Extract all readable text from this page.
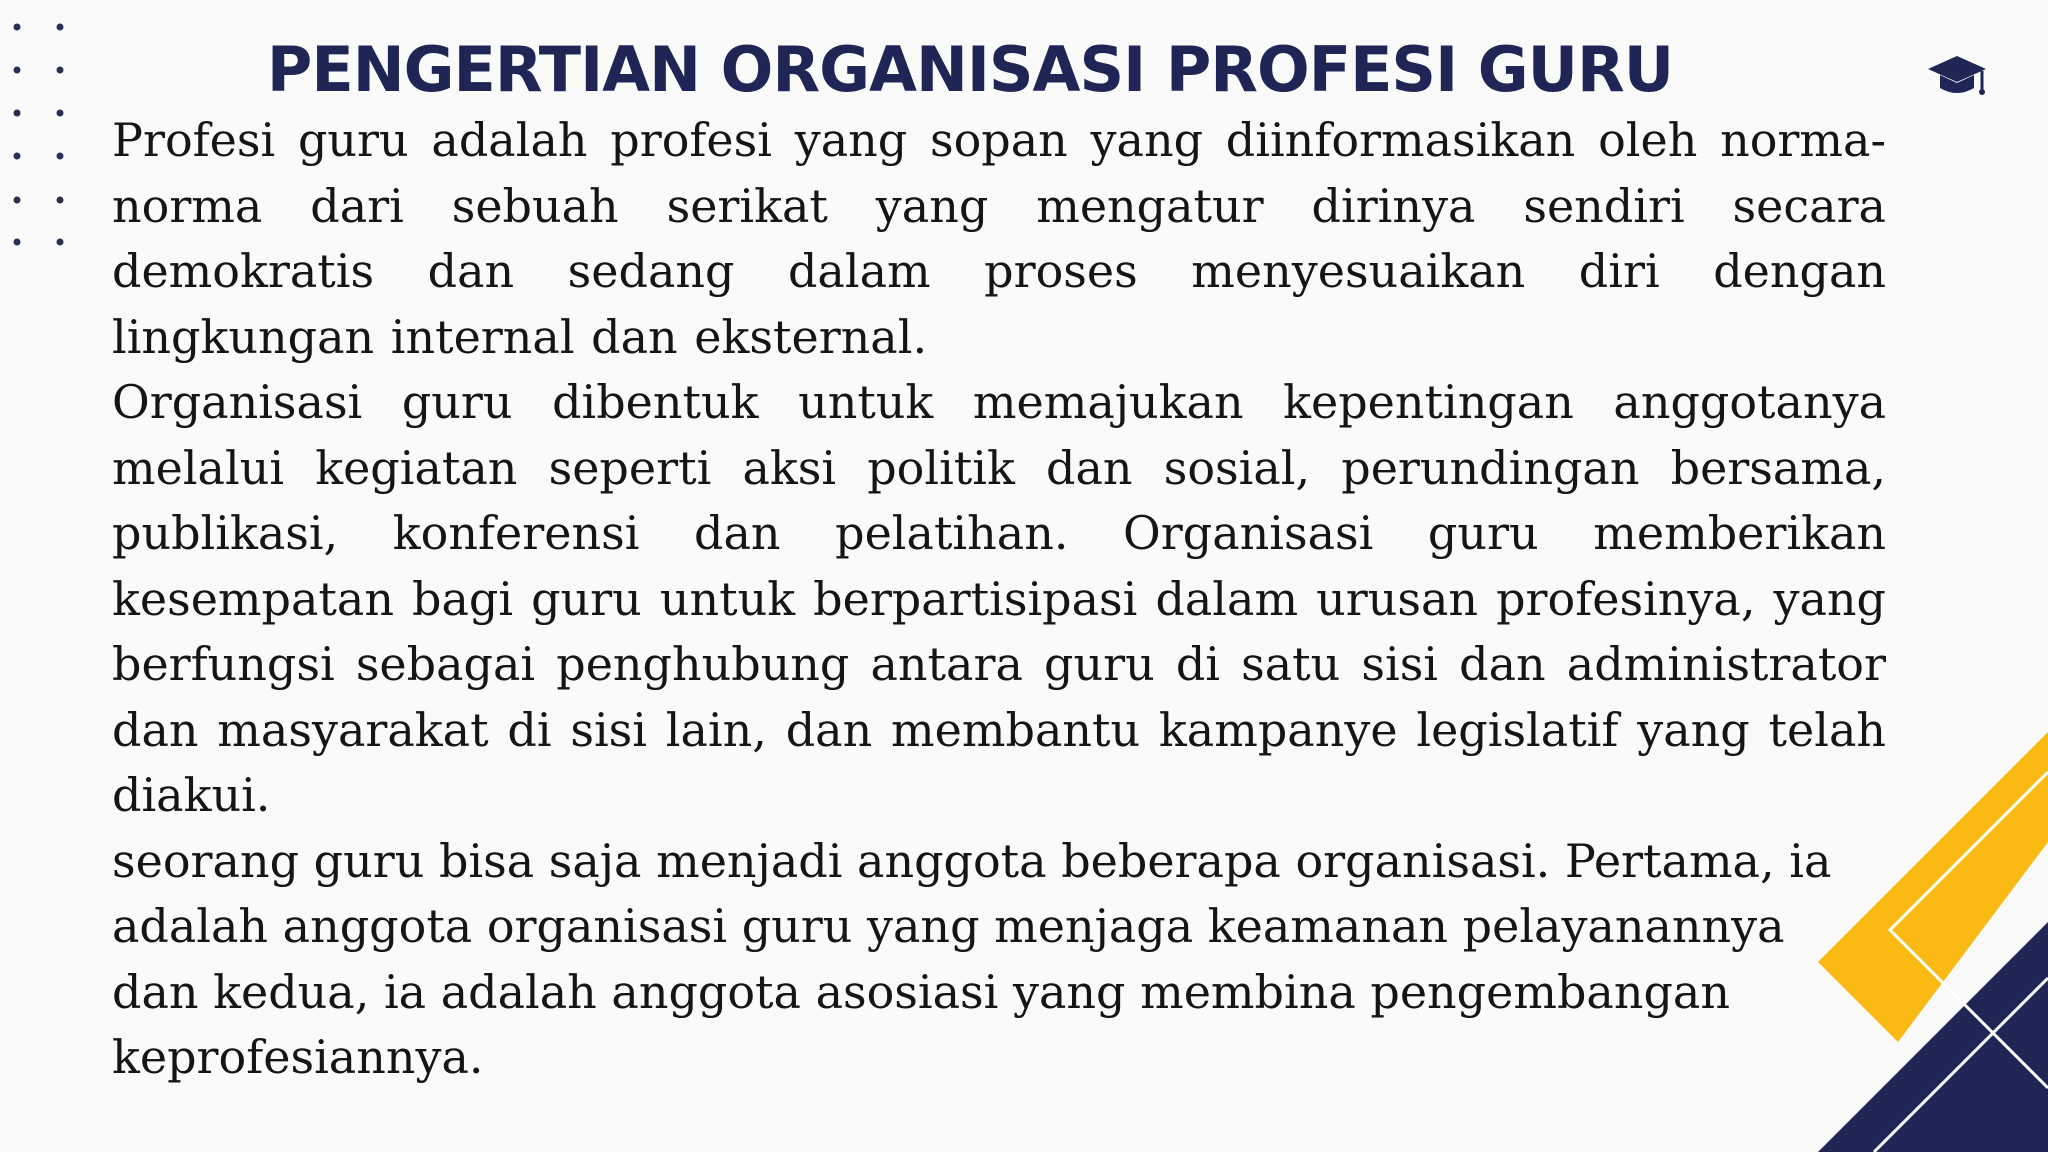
PENGERTIAN ORGANISASI PROFESI GURU

Profesi guru adalah profesi yang sopan yang diinformasikan oleh norma-norma dari sebuah serikat yang mengatur dirinya sendiri secara demokratis dan sedang dalam proses menyesuaikan diri dengan lingkungan internal dan eksternal.

Organisasi guru dibentuk untuk memajukan kepentingan anggotanya melalui kegiatan seperti aksi politik dan sosial, perundingan bersama, publikasi, konferensi dan pelatihan. Organisasi guru memberikan kesempatan bagi guru untuk berpartisipasi dalam urusan profesinya, yang berfungsi sebagai penghubung antara guru di satu sisi dan administrator dan masyarakat di sisi lain, dan membantu kampanye legislatif yang telah diakui.

seorang guru bisa saja menjadi anggota beberapa organisasi. Pertama, ia adalah anggota organisasi guru yang menjaga keamanan pelayanannya dan kedua, ia adalah anggota asosiasi yang membina pengembangan keprofesiannya.
